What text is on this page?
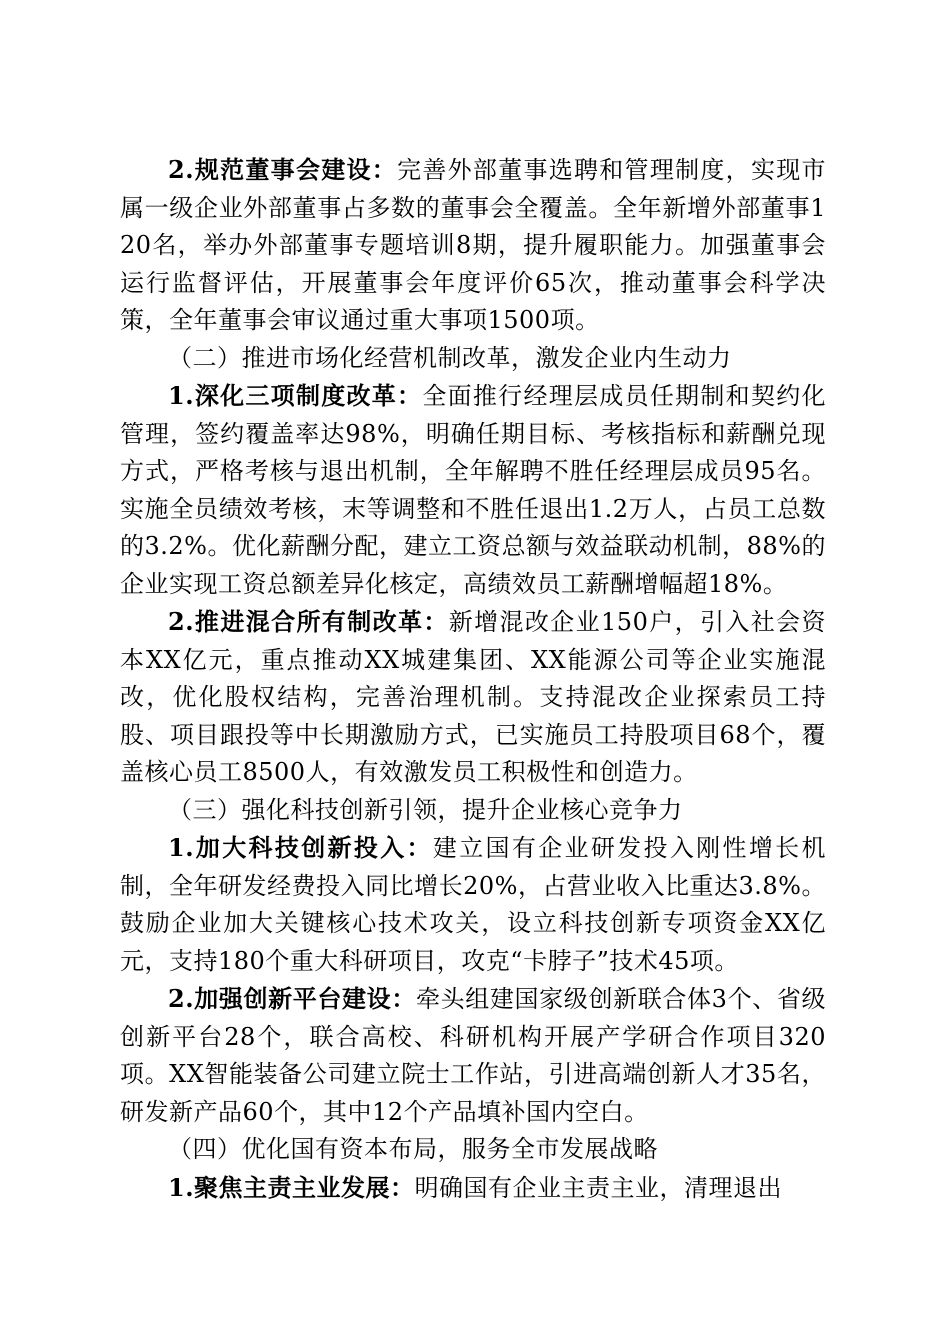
2.规范董事会建设：完善外部董事选聘和管理制度，实现市属一级企业外部董事占多数的董事会全覆盖。全年新增外部董事120名，举办外部董事专题培训8期，提升履职能力。加强董事会运行监督评估，开展董事会年度评价65次，推动董事会科学决策，全年董事会审议通过重大事项1500项。

（二）推进市场化经营机制改革，激发企业内生动力

1.深化三项制度改革：全面推行经理层成员任期制和契约化管理，签约覆盖率达98%，明确任期目标、考核指标和薪酬兑现方式，严格考核与退出机制，全年解聘不胜任经理层成员95名。实施全员绩效考核，末等调整和不胜任退出1.2万人，占员工总数的3.2%。优化薪酬分配，建立工资总额与效益联动机制，88%的企业实现工资总额差异化核定，高绩效员工薪酬增幅超18%。

2.推进混合所有制改革：新增混改企业150户，引入社会资本XX亿元，重点推动XX城建集团、XX能源公司等企业实施混改，优化股权结构，完善治理机制。支持混改企业探索员工持股、项目跟投等中长期激励方式，已实施员工持股项目68个，覆盖核心员工8500人，有效激发员工积极性和创造力。

（三）强化科技创新引领，提升企业核心竞争力

1.加大科技创新投入：建立国有企业研发投入刚性增长机制，全年研发经费投入同比增长20%，占营业收入比重达3.8%。鼓励企业加大关键核心技术攻关，设立科技创新专项资金XX亿元，支持180个重大科研项目，攻克“卡脖子”技术45项。

2.加强创新平台建设：牵头组建国家级创新联合体3个、省级创新平台28个，联合高校、科研机构开展产学研合作项目320项。XX智能装备公司建立院士工作站，引进高端创新人才35名，研发新产品60个，其中12个产品填补国内空白。

（四）优化国有资本布局，服务全市发展战略

1.聚焦主责主业发展：明确国有企业主责主业，清理退出
